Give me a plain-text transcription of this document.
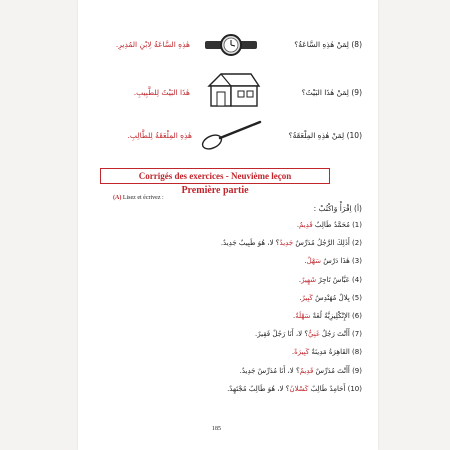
هٰذِهِ السَّاعَةُ لِابْنِ المُدِيرِ.	(8) لِمَنْ هٰذِهِ السَّاعَةُ؟
هٰذَا البَيْتُ لِلطَّبِيبِ.	(9) لِمَنْ هٰذَا البَيْتُ؟
هٰذِهِ المِلْعَقَةُ لِلطَّالِبِ.	(10) لِمَنْ هٰذِهِ المِلْعَقَةُ؟
Corrigés des exercices - Neuvième leçon
Première partie
(A) Lisez et écrivez :
(أ) اِقْرَأْ وَاكْتُبْ :
(1) مُحَمَّدٌ طَالِبٌ قَدِيمٌ.
(2) أَذٰلِكَ الرَّجُلُ مُدَرِّسٌ جَدِيدٌ؟ لا، هُوَ طَبِيبٌ جَدِيدٌ.
(3) هٰذَا دَرْسٌ سَهْلٌ.
(4) عَبَّاسٌ تَاجِرٌ شَهِيرٌ.
(5) بِلالٌ مُهَنْدِسٌ كَبِيرٌ.
(6) الإِنْكْلِيزِيَّةُ لُغَةٌ سَهْلَةٌ.
(7) أَأَنْتَ رَجُلٌ غَنِيٌّ؟ لا، أَنَا رَجُلٌ فَقِيرٌ.
(8) القَاهِرَةُ مَدِينَةٌ كَبِيرَةٌ.
(9) أَأَنْتَ مُدَرِّسٌ قَدِيمٌ؟ لا، أَنَا مُدَرِّسٌ جَدِيدٌ.
(10) أَحَامِدٌ طَالِبٌ كَسْلانُ؟ لا، هُوَ طَالِبٌ مُجْتَهِدٌ.
185
